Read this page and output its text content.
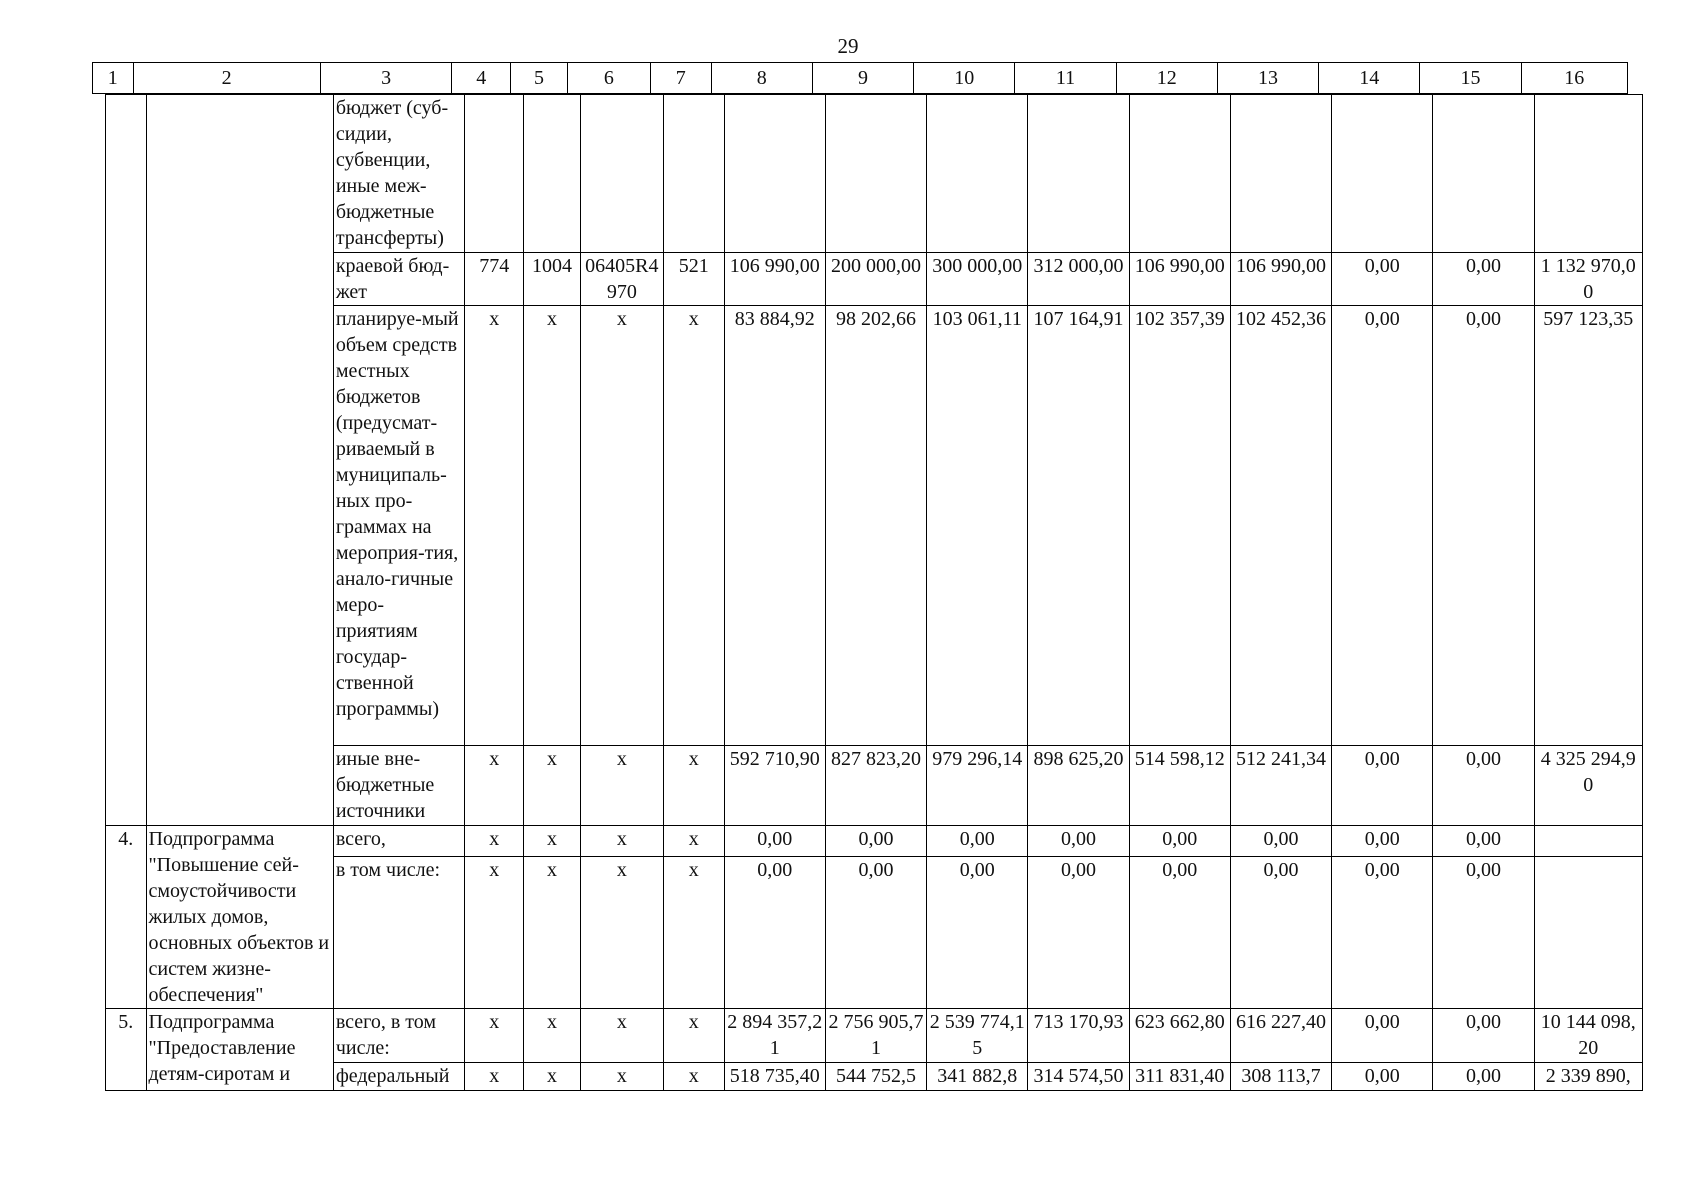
29
1	2	3	4	5	6	7	8	9	10	11	12	13	14	15	16
		бюджет (суб-сидии, субвенции, иные меж-бюджетные трансферты)													
		краевой бюд-жет	774	1004	06405R4970	521	106 990,00	200 000,00	300 000,00	312 000,00	106 990,00	106 990,00	0,00	0,00	1 132 970,00
		планируе-мый объем средств местных бюджетов (предусмат-риваемый в муниципаль-ных про-граммах на мероприя-тия, анало-гичные меро-приятиям государ-ственной программы)	х	х	х	х	83 884,92	98 202,66	103 061,11	107 164,91	102 357,39	102 452,36	0,00	0,00	597 123,35
		иные вне-бюджетные источники	х	х	х	х	592 710,90	827 823,20	979 296,14	898 625,20	514 598,12	512 241,34	0,00	0,00	4 325 294,90
4.	Подпрограмма "Повышение сей-смоустойчивости жилых домов, основных объектов и систем жизне-обеспечения"	всего,	х	х	х	х	0,00	0,00	0,00	0,00	0,00	0,00	0,00	0,00	
		в том числе:	х	х	х	х	0,00	0,00	0,00	0,00	0,00	0,00	0,00	0,00	
5.	Подпрограмма "Предоставление детям-сиротам и	всего, в том числе:	х	х	х	х	2 894 357,21	2 756 905,71	2 539 774,15	713 170,93	623 662,80	616 227,40	0,00	0,00	10 144 098,20
		федеральный	х	х	х	х	518 735,40	544 752,5	341 882,8	314 574,50	311 831,40	308 113,7	0,00	0,00	2 339 890,
